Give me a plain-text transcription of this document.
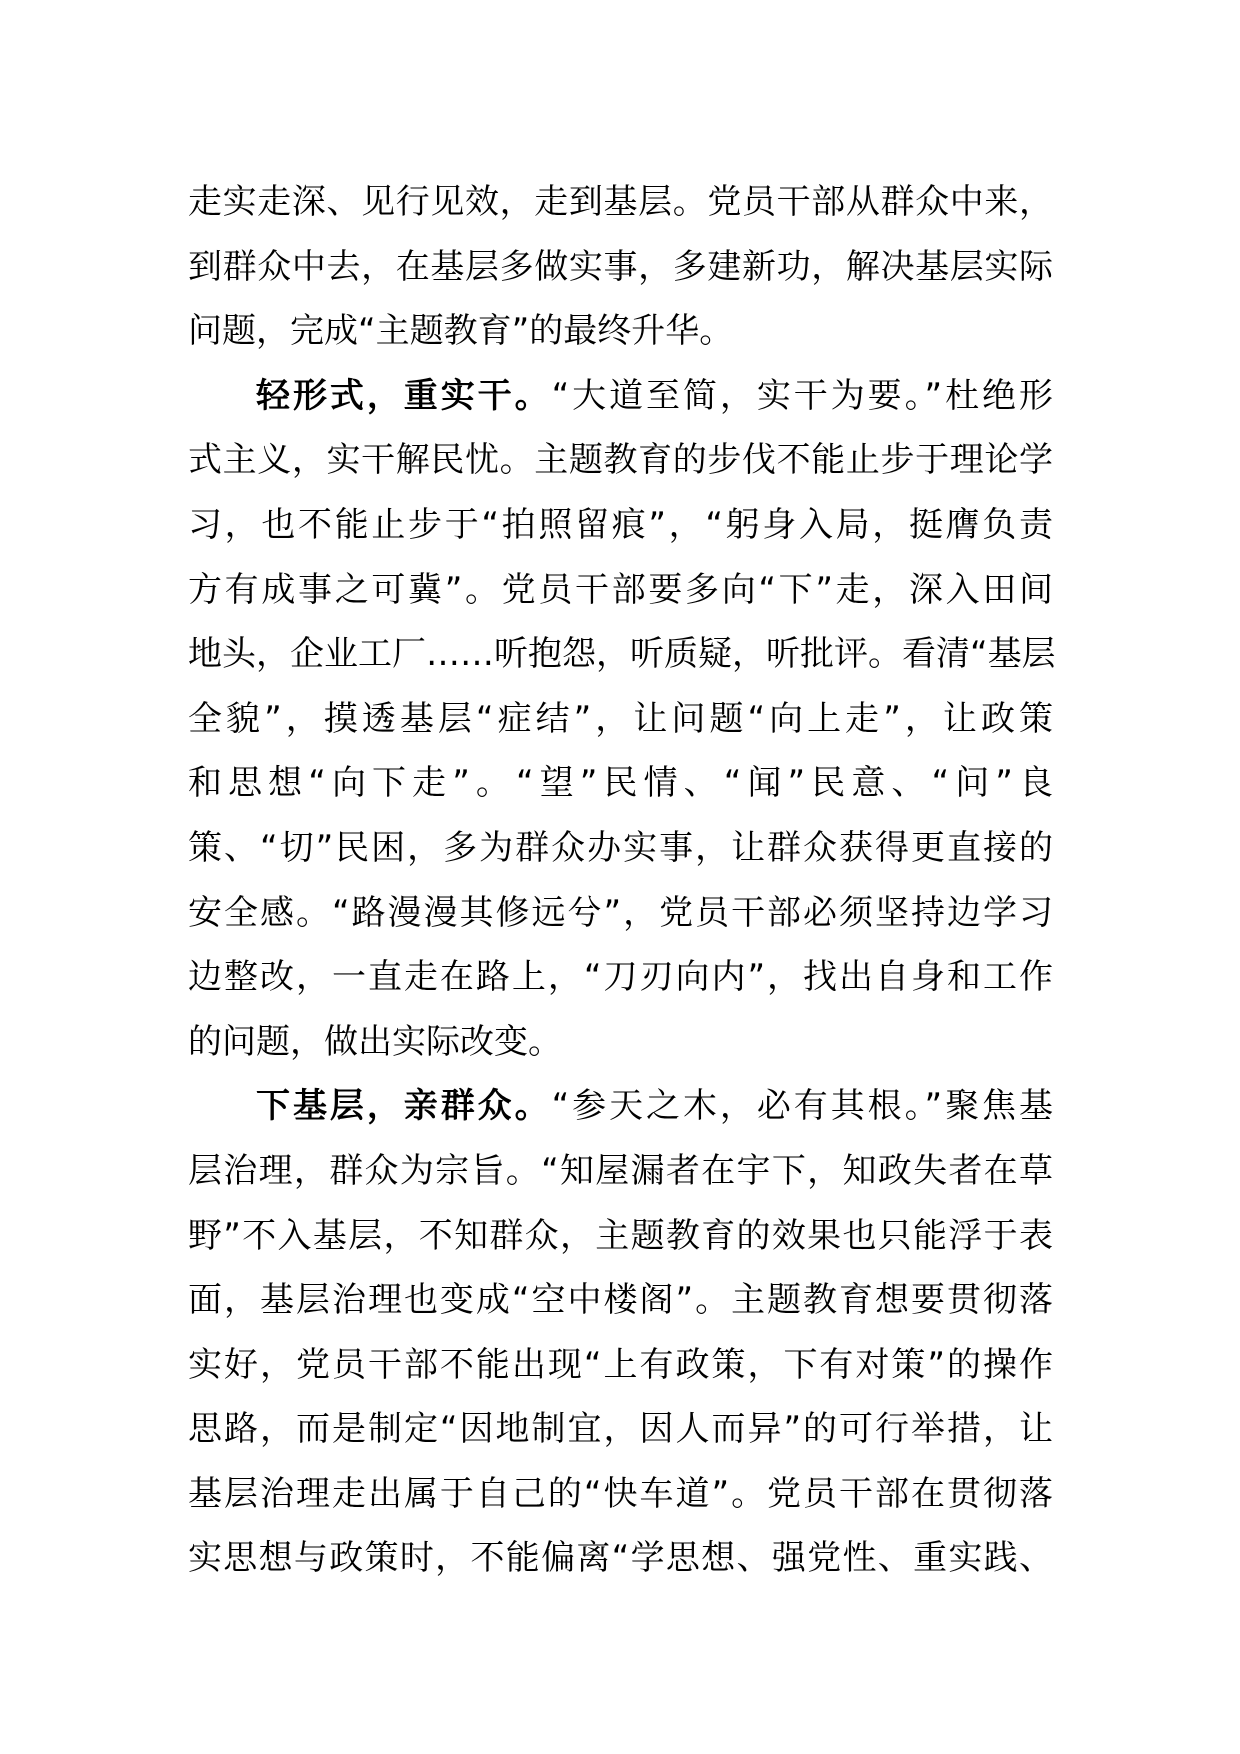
走实走深、见行见效，走到基层。党员干部从群众中来，
到群众中去，在基层多做实事，多建新功，解决基层实际
问题，完成“主题教育”的最终升华。
轻形式，重实干。“大道至简，实干为要。”杜绝形
式主义，实干解民忧。主题教育的步伐不能止步于理论学
习，也不能止步于“拍照留痕”，“躬身入局，挺膺负责
方有成事之可冀”。党员干部要多向“下”走，深入田间
地头，企业工厂……听抱怨，听质疑，听批评。看清“基层
全貌”，摸透基层“症结”，让问题“向上走”，让政策
和思想“向下走”。“望”民情、“闻”民意、“问”良
策、“切”民困，多为群众办实事，让群众获得更直接的
安全感。“路漫漫其修远兮”，党员干部必须坚持边学习
边整改，一直走在路上，“刀刃向内”，找出自身和工作
的问题，做出实际改变。
下基层，亲群众。“参天之木，必有其根。”聚焦基
层治理，群众为宗旨。“知屋漏者在宇下，知政失者在草
野”不入基层，不知群众，主题教育的效果也只能浮于表
面，基层治理也变成“空中楼阁”。主题教育想要贯彻落
实好，党员干部不能出现“上有政策，下有对策”的操作
思路，而是制定“因地制宜，因人而异”的可行举措，让
基层治理走出属于自己的“快车道”。党员干部在贯彻落
实思想与政策时，不能偏离“学思想、强党性、重实践、
